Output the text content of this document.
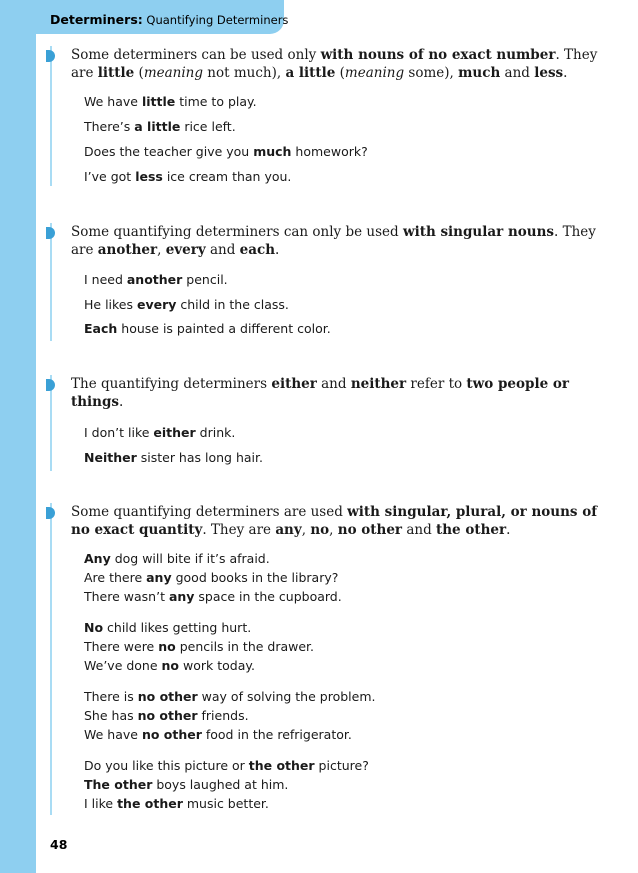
Determiners: Quantifying Determiners

Some determiners can be used only with nouns of no exact number. They are little (meaning not much), a little (meaning some), much and less.

We have little time to play.

There’s a little rice left.

Does the teacher give you much homework?

I’ve got less ice cream than you.

Some quantifying determiners can only be used with singular nouns. They are another, every and each.

I need another pencil.

He likes every child in the class.

Each house is painted a different color.

The quantifying determiners either and neither refer to two people or things.

I don’t like either drink.

Neither sister has long hair.

Some quantifying determiners are used with singular, plural, or nouns of no exact quantity. They are any, no, no other and the other.

Any dog will bite if it’s afraid.

Are there any good books in the library?

There wasn’t any space in the cupboard.

No child likes getting hurt.

There were no pencils in the drawer.

We’ve done no work today.

There is no other way of solving the problem.

She has no other friends.

We have no other food in the refrigerator.

Do you like this picture or the other picture?

The other boys laughed at him.

I like the other music better.

48
